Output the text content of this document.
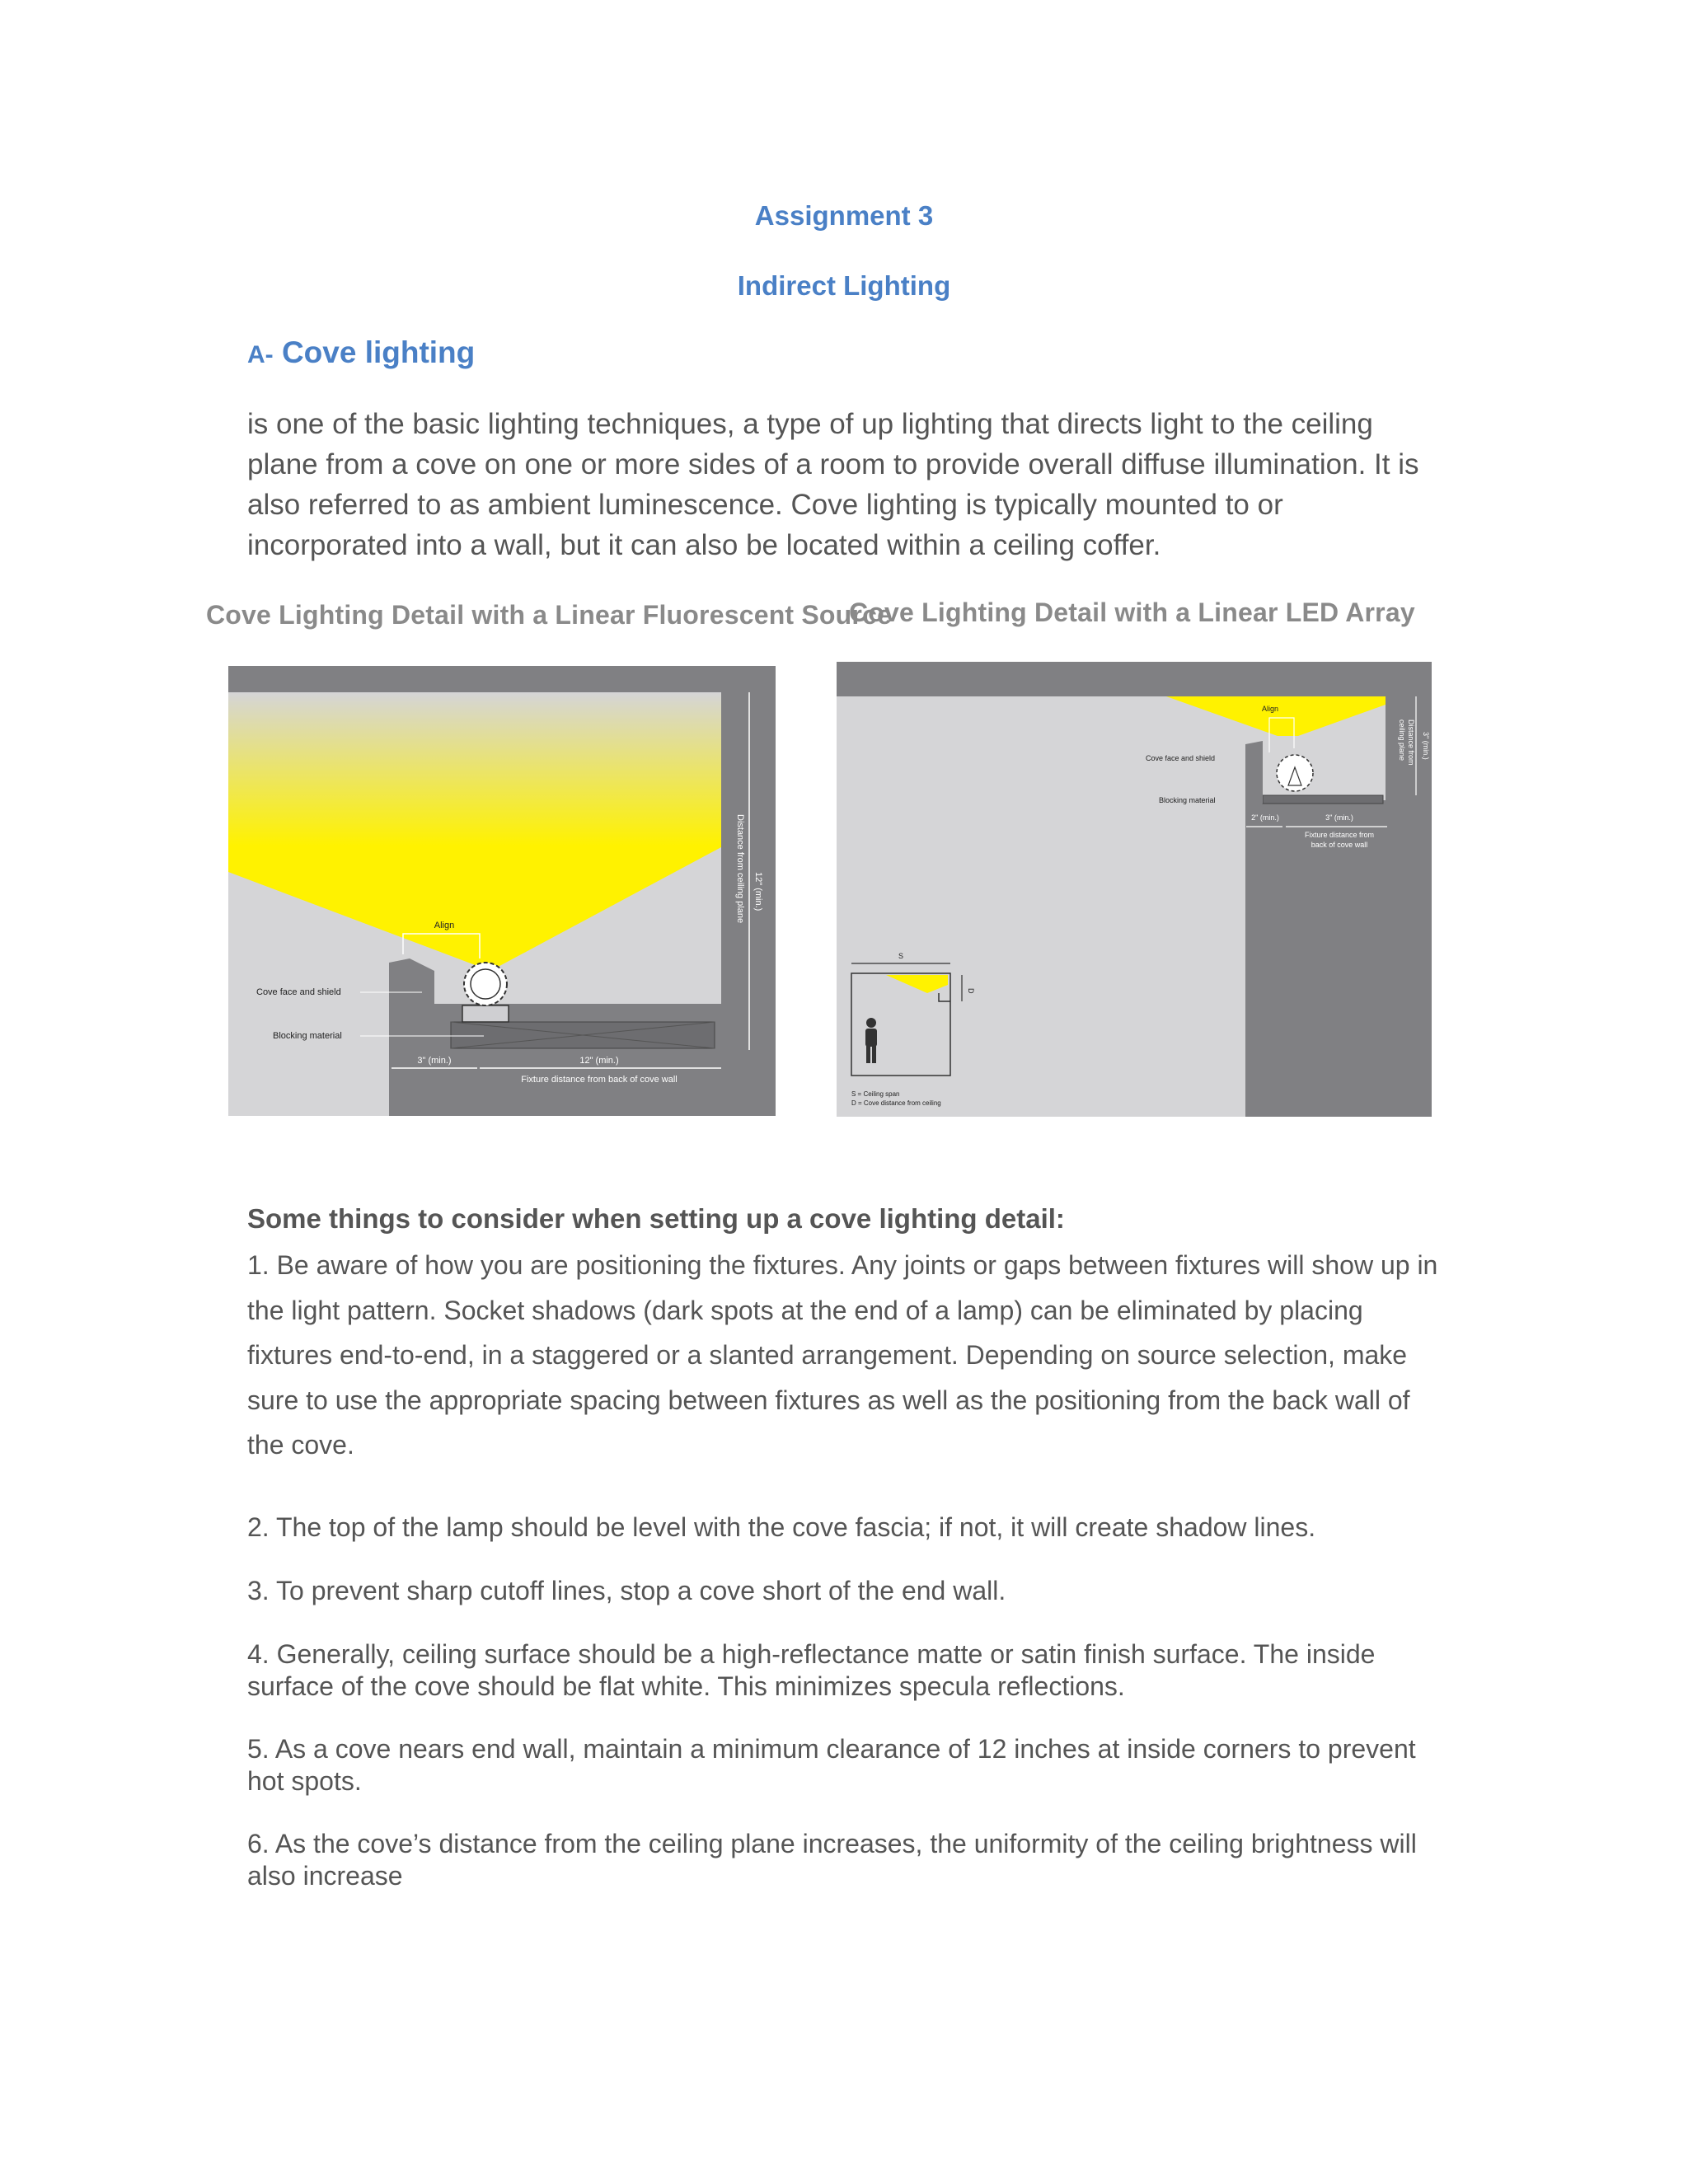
Assignment 3
Indirect Lighting
A- Cove lighting
is one of the basic lighting techniques, a type of up lighting that directs light to the ceiling plane from a cove on one or more sides of a room to provide overall diffuse illumination. It is also referred to as ambient luminescence. Cove lighting is typically mounted to or incorporated into a wall, but it can also be located within a ceiling coffer.
Cove Lighting Detail with a Linear Fluorescent Source
Cove Lighting Detail with a Linear LED Array
Align
Cove face and shield
Blocking material
3" (min.)	12" (min.)
Fixture distance from back of cove wall
12" (min.)
Distance from ceiling plane
Align
Cove face and shield
Blocking material
2" (min.)	3" (min.)
Fixture distance from
back of cove wall
3" (min.)
Distance from
ceiling plane
S
D
S = Ceiling span
D = Cove distance from ceiling
Some things to consider when setting up a cove lighting detail:
1. Be aware of how you are positioning the fixtures. Any joints or gaps between fixtures will show up in the light pattern. Socket shadows (dark spots at the end of a lamp) can be eliminated by placing fixtures end-to-end, in a staggered or a slanted arrangement. Depending on source selection, make sure to use the appropriate spacing between fixtures as well as the positioning from the back wall of the cove.
2. The top of the lamp should be level with the cove fascia; if not, it will create shadow lines.
3. To prevent sharp cutoff lines, stop a cove short of the end wall.
4. Generally, ceiling surface should be a high-reflectance matte or satin finish surface. The inside surface of the cove should be flat white. This minimizes specula reflections.
5. As a cove nears end wall, maintain a minimum clearance of 12 inches at inside corners to prevent hot spots.
6. As the cove’s distance from the ceiling plane increases, the uniformity of the ceiling brightness will also increase
